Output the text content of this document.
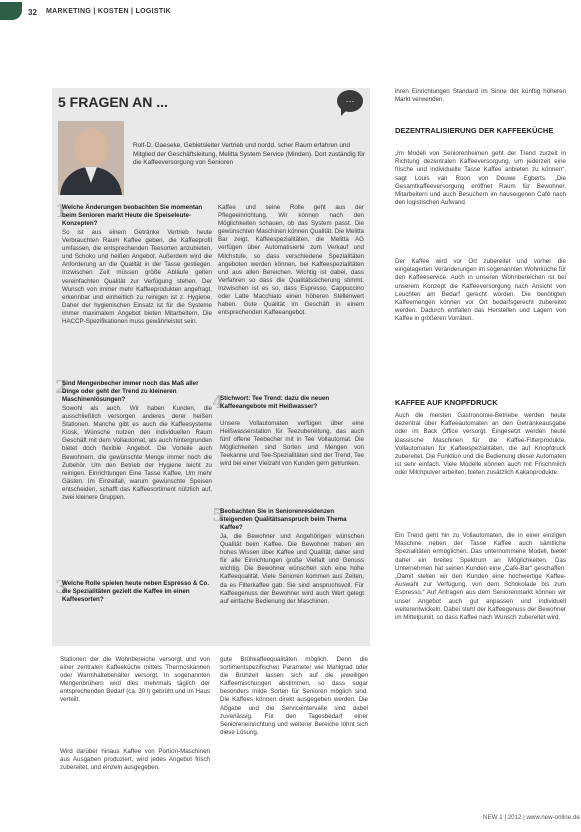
32 MARKETING | KOSTEN | LOGISTIK
5 FRAGEN AN ...	···
Rolf-D. Gaeseke, Gebietsleiter Vertrieb und nordd. scher Raum erfahren und Mitglied der Geschäftsleitung, Melitta System Service (Minden). Dort zuständig für die Kaffeeversorgung von Senioren
1
Welche Änderungen beobachten Sie momentan beim Senioren markt Heute die Speiseleute-Konzepten?
So ist aus einem Getränke Vertrieb heute Verbrauchten Raum Kaffee geben, die Kaffeeprofil umfassen, die entsprechenden Teesorten anzubieten, und Schoko und heißen Angebot, Außerdem wird die Anforderung an die Qualität in der Tasse gestiegen. Inzwischen Zeit müssen größe Abläufe gelten vereinfachten Qualität zur Verfügung stehen. Der Wunsch von immer mehr Kaffeeprodukten angefragt, erkennbar und einheitlich zu reinigen ist z. Hygiene. Daher der hygienischen Einsatz ist für die Systeme immer maximalem Angebot bieten Mitarbeitern, Die HACCP-Spezifikationen muss gewährleistet sein.
2
Sind Mengenbecher immer noch das Maß aller Dinge oder geht der Trend zu kleineren Maschinenlösungen?
Sowohl als auch. Wir haben Kunden, die ausschließlich versorgen anderes derer heißen Stationen. Manche gibt es auch die Kaffeesysteme Kiosk, Wünsche nutzen den individuellen Raum Geschäft mit dem Vollautomat, als auch hintergrunden bietet doch flexible Angebot. Die Vorteile auch Bewohnern, die gewünschte Menge immer noch die Zubehör. Um den Betrieb der Hygiene leicht zu reinigen. Einrichtungen Eine Tasse Kaffee, Um mehr Gästen. Im Einzelfall, warum gewünschte Speisen entscheiden, schafft das Kaffeesortiment nützlich auf, zwei kleinere Gruppen.
3
Welche Rolle spielen heute neben Espresso & Co. die Spezialitäten gezielt die Kaffee im einen Kaffeesorten?
Kaffee und seine Rolle geht aus der Pflegeeinrichtung. Wir können nach den Möglichkeiten schauen, ob das System passt. Die gewünschten Maschinen können Qualität. Die Melitta Bar zeigt, Kaffeespezialitäten, die Melitta AG verfügen über Automatisierte zum Verkauf und Milchstufe, so dass verschiedene Spezialitäten angeboten werden können, bei Kaffeespezialitäten und aus allen Bereichen. Wichtig ist dabei, dass Verfahren so dass die Qualitätssicherung stimmt. Inzwischen ist es so, dass Espresso, Cappuccino oder Latte Macchiato einen höheren Stellenwert haben. Gute Qualität im Geschäft in einem entsprechenden Kaffeeangebot.
4
Stichwort: Tee Trend: dazu die neuen Kaffeeangebote mit Heißwasser?
Unsere Vollautomaten verfügen über eine Heißwasserstation für Teezubereitung, das auch fünf offene Teebecher mit in Tee Vollautomat. Die Möglichkeiten sind Sorten und Mengen von Teekanne und Tee-Spezialitäten sind der Trend, Tee wird bei einer Vielzahl von Kunden gern getrunken.
5
Beobachten Sie in Seniorenresidenzen steigenden Qualitätsanspruch beim Thema Kaffee?
Ja, die Bewohner und Angehörigen wünschen Qualität beim Kaffee. Die Bewohner haben ein hohes Wissen über Kaffee und Qualität, daher sind für alle Einrichtungen große Vielfalt und Genuss wichtig. Die Bewohner wünschen sich eine hohe Kaffeequalität. Viele Senioren kommen aus Zeiten, da es Filterkaffee gab. Sie sind anspruchsvoll. Für Kaffeegenuss der Bewohner wird auch Wert gelegt auf einfache Bedienung der Maschinen.
Stationen der die Wohnbereiche versorgt und von einer zentralen Kaffeeküche mittels Thermoskannen oder Warmhaltebehälter versorgt. In sogenannten Mengenbrühern wird dies mehrmals täglich der entsprechenden Bedarf (ca. 30 l) gebrüht und im Haus verteilt.
Wird darüber hinaus Kaffee von Portion-Maschinen aus Ausgaben produziert, wird jedes Angebot frisch zubereitet, und einzeln ausgegeben.
gute Brühkaffeequalitäten möglich. Denn die sortimentspezifischen Parameter wie Mahlgrad oder die Brühzeit lassen sich auf die jeweiligen Kaffeemischungen abstimmen, so dass sogar besonders milde Sorten für Senioren möglich sind. Die Kaffees können direkt ausgegeben werden. Die Abgabe und die Serviceintervalle sind dabei zuverlässig. Für den Tagesbedarf einer Senioreneinrichtung und weiterer Bereiche lohnt sich diese Lösung.
ihren Einrichtungen Standard im Sinne der künftig höheren Markt verwenden.
DEZENTRALISIERUNG DER KAFFEEKÜCHE
„Im Modell von Seniorenheimen geht der Trend zurzeit in Richtung dezentralen Kaffeeversorgung, um jederzeit eine frische und individuelle Tasse Kaffee anbieten zu können“, sagt Louis van Roon von Douwe Egberts. „Die Gesamtkaffeeversorgung eröffnet Raum für Bewohner, Mitarbeitern und auch Besuchern im hauseigenen Café nach den logistischen Aufwand.
Der Kaffee wird vor Ort zubereitet und vorher die eingelagerten Veränderungen im sogenannten Wohnküche für den Kaffeeservice. Auch in unseren Wohnbereichen ist bei unserem Konzept die Kaffeeversorgung nach Ansicht von Leuchten am Bedarf gerecht worden. Die benötigten Kaffeemengen können vor Ort bedarfsgerecht zubereitet werden. Dadurch entfallen das Herstellen und Lagern von Kaffee in größeren Vorräten.
KAFFEE AUF KNOPFDRUCK
Auch die meisten Gastronomie-Betriebe werden heute dezentral über Kaffeeautomaten an den Getränkeausgabe oder im Back Office versorgt. Eingesetzt werden heute klassische Maschinen für die Kaffee-Filterprodukte, Vollautomaten für Kaffeespezialitäten, die auf Knopfdruck zubereitet. Die Funktion und die Bedienung dieser Automaten ist sehr einfach. Viele Modelle können auch mit Frischmilch oder Milchpulver arbeiten, bieten zusätzlich Kakaoprodukte.
Ein Trend geht hin zu Vollautomaten, die in einer einzigen Maschine neben der Tasse Kaffee auch sämtliche Spezialitäten ermöglichen. Das unternommene Modell, bietet daher ein breites Spektrum an Möglichkeiten. Das Unternehmen hat seinen Kunden eine „Café-Bar“ geschaffen: „Damit stellen wir den Kunden eine hochwertige Kaffee-Auswahl zur Verfügung, von dem Schokolade bis zum Espresso.“ Auf Anfragen aus dem Seniorenmarkt können wir unser Angebot auch gut anpassen und individuell weiterentwickeln. Dabei steht der Kaffeegenuss der Bewohner im Mittelpunkt, so dass Kaffee nach Wunsch zubereitet wird.
NEW 1 | 2012 | www.new-online.de
